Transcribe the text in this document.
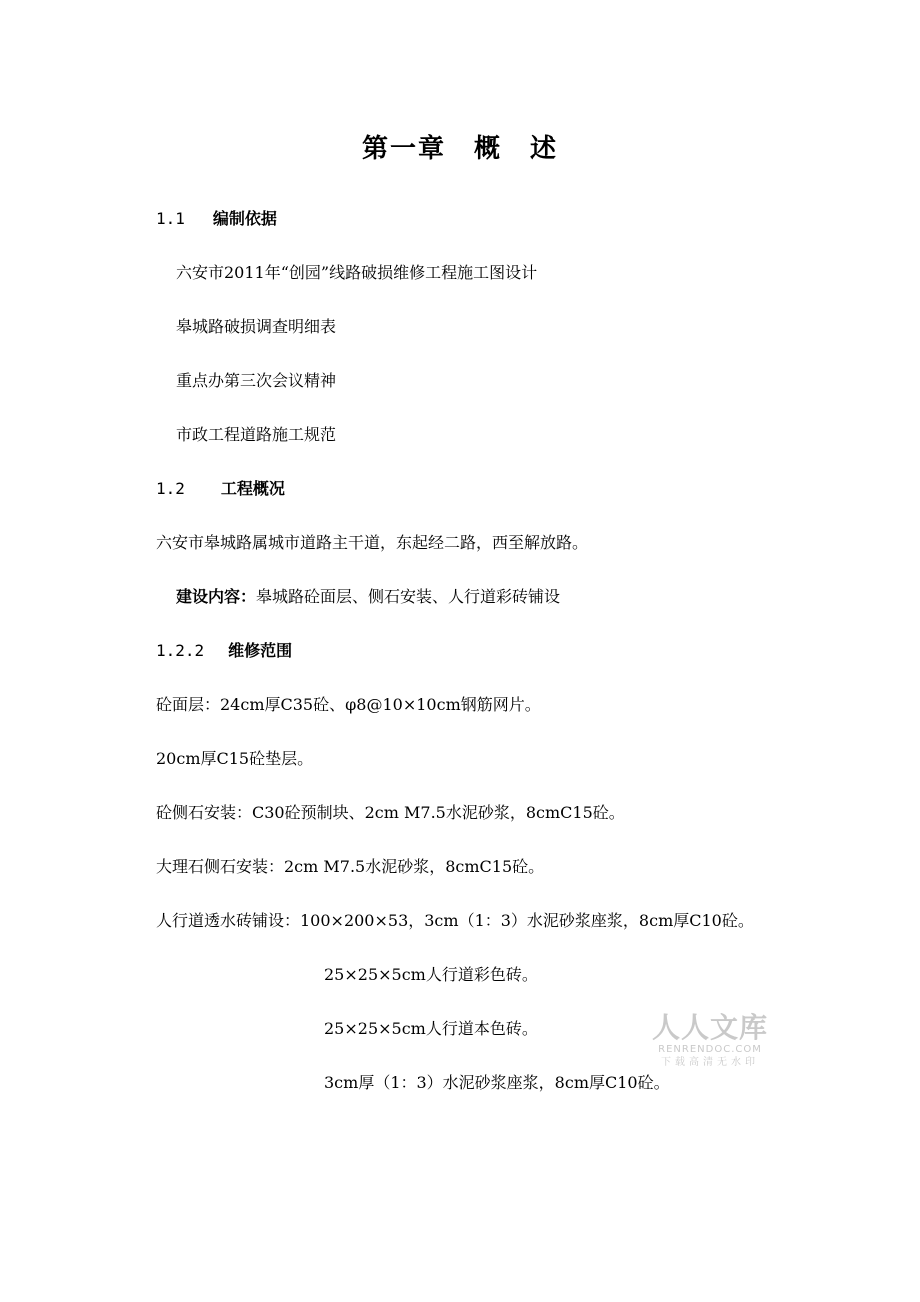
第一章　概　述
1.1 编制依据
六安市2011年“创园”线路破损维修工程施工图设计
皋城路破损调查明细表
重点办第三次会议精神
市政工程道路施工规范
1.2 工程概况
六安市皋城路属城市道路主干道，东起经二路，西至解放路。
建设内容：皋城路砼面层、侧石安装、人行道彩砖铺设
1.2.2 维修范围
砼面层：24cm厚C35砼、φ8@10×10cm钢筋网片。
20cm厚C15砼垫层。
砼侧石安装：C30砼预制块、2cm M7.5水泥砂浆，8cmC15砼。
大理石侧石安装：2cm M7.5水泥砂浆，8cmC15砼。
人行道透水砖铺设：100×200×53，3cm（1：3）水泥砂浆座浆，8cm厚C10砼。
25×25×5cm人行道彩色砖。
25×25×5cm人行道本色砖。
3cm厚（1：3）水泥砂浆座浆，8cm厚C10砼。
人人文库
RENRENDOC.COM
下载高清无水印
